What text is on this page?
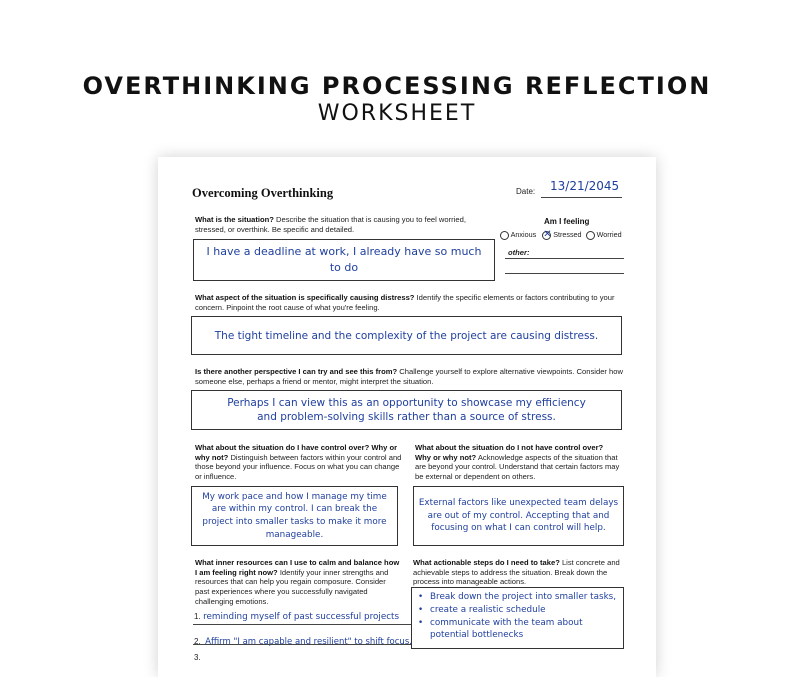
OVERTHINKING PROCESSING REFLECTION
WORKSHEET
Overcoming Overthinking	Date: 13/21/2045
Am I feeling
Anxious ✕ Stressed Worried
other:
What is the situation? Describe the situation that is causing you to feel worried, stressed, or overthink. Be specific and detailed.
I have a deadline at work, I already have so much to do
What aspect of the situation is specifically causing distress? Identify the specific elements or factors contributing to your concern. Pinpoint the root cause of what you're feeling.
The tight timeline and the complexity of the project are causing distress.
Is there another perspective I can try and see this from? Challenge yourself to explore alternative viewpoints. Consider how someone else, perhaps a friend or mentor, might interpret the situation.
Perhaps I can view this as an opportunity to showcase my efficiency and problem-solving skills rather than a source of stress.
What about the situation do I have control over? Why or why not? Distinguish between factors within your control and those beyond your influence. Focus on what you can change or influence.
My work pace and how I manage my time are within my control. I can break the project into smaller tasks to make it more manageable.
What about the situation do I not have control over? Why or why not? Acknowledge aspects of the situation that are beyond your control. Understand that certain factors may be external or dependent on others.
External factors like unexpected team delays are out of my control. Accepting that and focusing on what I can control will help.
What inner resources can I use to calm and balance how I am feeling right now? Identify your inner strengths and resources that can help you regain composure. Consider past experiences where you successfully navigated challenging emotions.
1. reminding myself of past successful projects
2. Affirm "I am capable and resilient" to shift focus.
3.
What actionable steps do I need to take? List concrete and achievable steps to address the situation. Break down the process into manageable actions.
• Break down the project into smaller tasks,
• create a realistic schedule
• communicate with the team about potential bottlenecks
